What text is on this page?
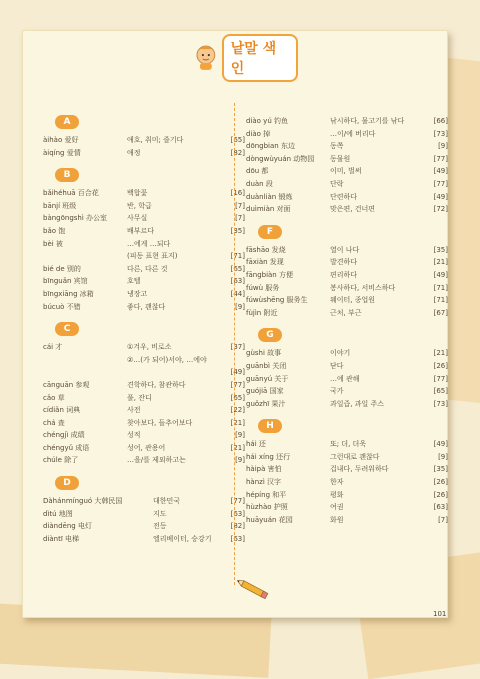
낱말 색인
A
àihào 爱好	애호, 취미; 즐기다	[65]
àiqíng 爱情	애정	[82]
B
bǎihéhuā 百合花	백합꽃	[16]
bānjí 班级	반, 학급	[7]
bàngōngshì 办公室	사무실	[7]
bǎo 饱	배부르다	[35]
bèi 被	…에게 …되다
(피동 표현 표지)	[71]
bié de 别的	다른, 다른 것	[65]
bīnguǎn 宾馆	호텔	[63]
bīngxiāng 冰箱	냉장고	[44]
búcuò 不错	좋다, 괜찮다	[9]
C
cái 才	①겨우, 비로소	[37]
②…(가 되어)서야, …에야
[49]
cānguān 参观	견학하다, 참관하다	[77]
cǎo 草	풀, 잔디	[65]
cídiǎn 词典	사전	[22]
chá 查	찾아보다, 들추어보다	[21]
chéngjì 成绩	성적	[9]
chéngyǔ 成语	성어, 관용어	[21]
chúle 除了	…을/를 제외하고는	[9]
D
Dàhánmínguó 大韩民国	대한민국	[77]
dìtú 地图	지도	[63]
diàndēng 电灯	전등	[82]
diàntī 电梯	엘리베이터, 승강기	[63]
diào yú 钓鱼	낚시하다, 물고기를 낚다	[66]
diào 掉	…이/에 버리다	[73]
dōngbian 东边	동쪽	[9]
dòngwùyuán 动物园	동물원	[77]
dōu 都	이미, 벌써	[49]
duàn 段	단락	[77]
duànliàn 锻炼	단련하다	[49]
duìmiàn 对面	맞은편, 건너편	[72]
F
fāshāo 发烧	열이 나다	[35]
fāxiàn 发现	발견하다	[21]
fāngbiàn 方便	편리하다	[49]
fúwù 服务	봉사하다, 서비스하다	[71]
fúwùshēng 服务生	웨이터, 종업원	[71]
fùjìn 附近	근처, 부근	[67]
G
gùshi 故事	이야기	[21]
guānbì 关闭	닫다	[26]
guānyú 关于	…에 관해	[77]
guójiā 国家	국가	[65]
guǒzhī 果汁	과일즙, 과일 주스	[73]
H
hái 还	또; 더, 더욱	[49]
hái xíng 还行	그런대로 괜찮다	[9]
hàipà 害怕	겁내다, 두려워하다	[35]
hànzì 汉字	한자	[26]
hépíng 和平	평화	[26]
hùzhào 护照	여권	[63]
huāyuán 花园	화원	[7]
101
